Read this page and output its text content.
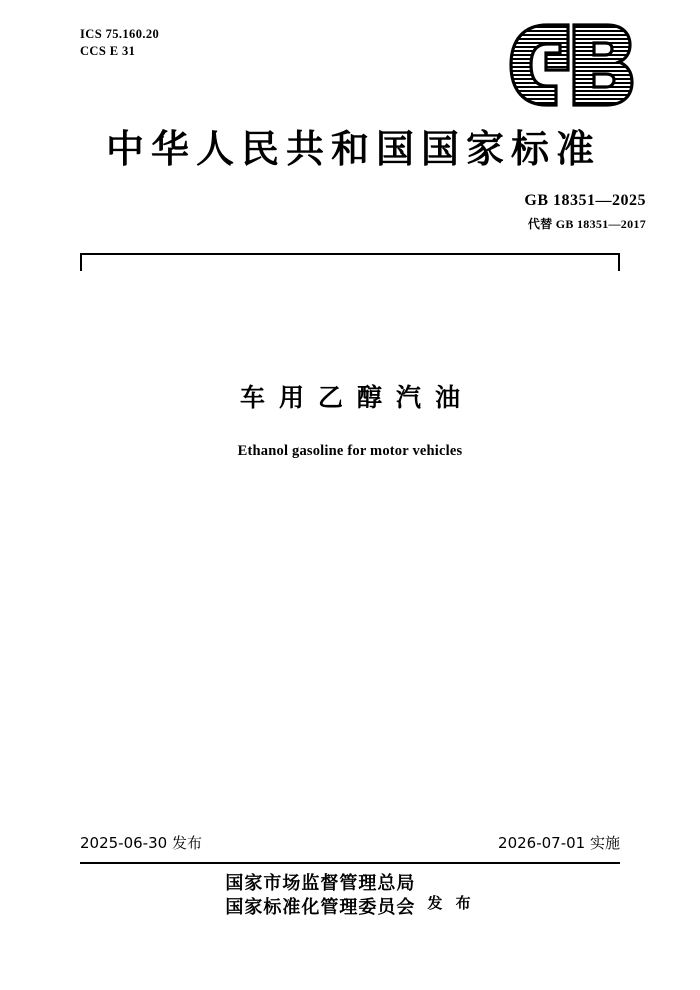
ICS 75.160.20
CCS E 31
中华人民共和国国家标准
GB 18351—2025
代替 GB 18351—2017
车用乙醇汽油
Ethanol gasoline for motor vehicles
2025-06-30 发布	2026-07-01 实施
国家市场监督管理总局
国家标准化管理委员会 发 布
